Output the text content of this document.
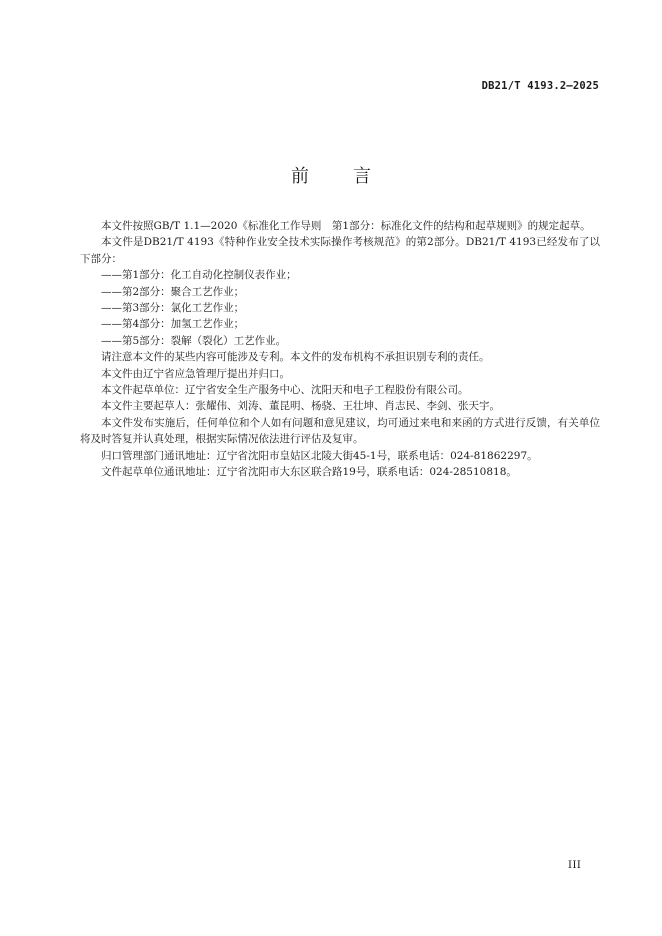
DB21/T 4193.2—2025
前言

本文件按照GB/T 1.1—2020《标准化工作导则　第1部分：标准化文件的结构和起草规则》的规定起草。

本文件是DB21/T 4193《特种作业安全技术实际操作考核规范》的第2部分。DB21/T 4193已经发布了以下部分：

——第1部分：化工自动化控制仪表作业；

——第2部分：聚合工艺作业；

——第3部分：氯化工艺作业；

——第4部分：加氢工艺作业；

——第5部分：裂解（裂化）工艺作业。

请注意本文件的某些内容可能涉及专利。本文件的发布机构不承担识别专利的责任。

本文件由辽宁省应急管理厅提出并归口。

本文件起草单位：辽宁省安全生产服务中心、沈阳天和电子工程股份有限公司。

本文件主要起草人：张耀伟、刘涛、董昆明、杨骁、王壮坤、肖志民、李剑、张天宇。

本文件发布实施后，任何单位和个人如有问题和意见建议，均可通过来电和来函的方式进行反馈，有关单位将及时答复并认真处理，根据实际情况依法进行评估及复审。

归口管理部门通讯地址：辽宁省沈阳市皇姑区北陵大街45-1号，联系电话：024-81862297。

文件起草单位通讯地址：辽宁省沈阳市大东区联合路19号，联系电话：024-28510818。

III
